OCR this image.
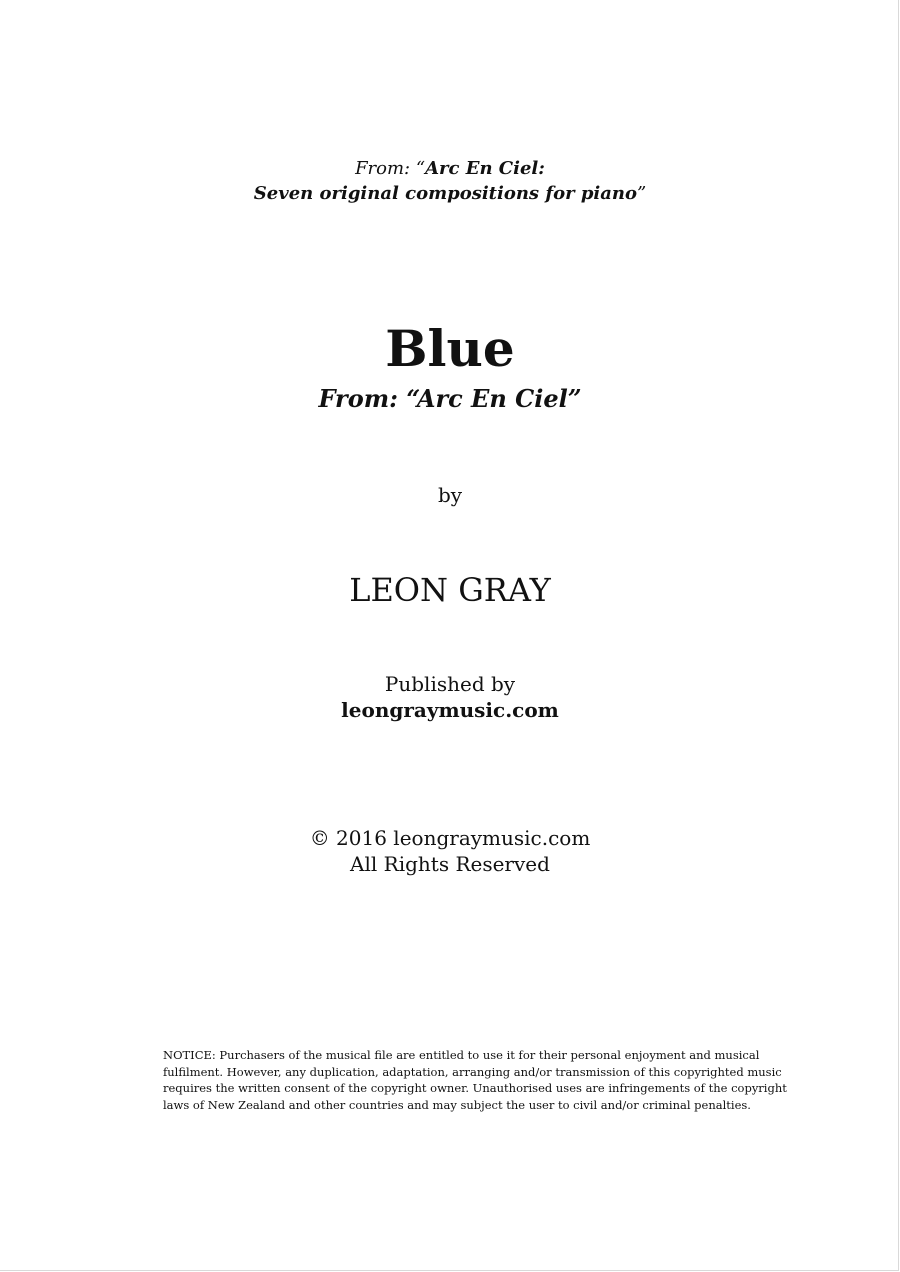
From: “Arc En Ciel:
Seven original compositions for piano”
Blue
From: “Arc En Ciel”
by
LEON GRAY
Published by
leongraymusic.com
© 2016 leongraymusic.com
All Rights Reserved
NOTICE: Purchasers of the musical file are entitled to use it for their personal enjoyment and musical fulfilment. However, any duplication, adaptation, arranging and/or transmission of this copyrighted music requires the written consent of the copyright owner. Unauthorised uses are infringements of the copyright laws of New Zealand and other countries and may subject the user to civil and/or criminal penalties.
